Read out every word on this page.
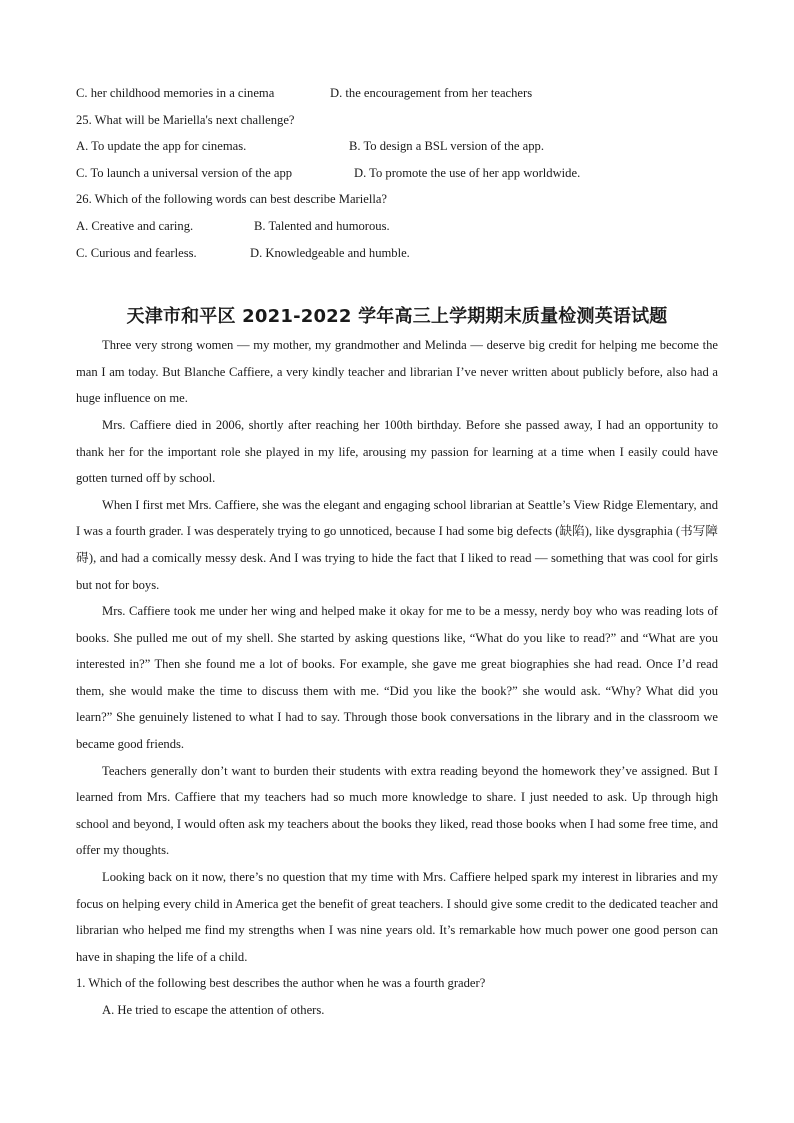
C. her childhood memories in a cinema	D. the encouragement from her teachers
25. What will be Mariella's next challenge?
A. To update the app for cinemas.	B. To design a BSL version of the app.
C. To launch a universal version of the app	D. To promote the use of her app worldwide.
26. Which of the following words can best describe Mariella?
A. Creative and caring.	B. Talented and humorous.
C. Curious and fearless.	D. Knowledgeable and humble.
天津市和平区 2021-2022 学年高三上学期期末质量检测英语试题

Three very strong women — my mother, my grandmother and Melinda — deserve big credit for helping me become the man I am today. But Blanche Caffiere, a very kindly teacher and librarian I’ve never written about publicly before, also had a huge influence on me.

Mrs. Caffiere died in 2006, shortly after reaching her 100th birthday. Before she passed away, I had an opportunity to thank her for the important role she played in my life, arousing my passion for learning at a time when I easily could have gotten turned off by school.

When I first met Mrs. Caffiere, she was the elegant and engaging school librarian at Seattle’s View Ridge Elementary, and I was a fourth grader. I was desperately trying to go unnoticed, because I had some big defects (缺陷), like dysgraphia (书写障碍), and had a comically messy desk. And I was trying to hide the fact that I liked to read — something that was cool for girls but not for boys.

Mrs. Caffiere took me under her wing and helped make it okay for me to be a messy, nerdy boy who was reading lots of books. She pulled me out of my shell. She started by asking questions like, “What do you like to read?” and “What are you interested in?” Then she found me a lot of books. For example, she gave me great biographies she had read. Once I’d read them, she would make the time to discuss them with me. “Did you like the book?” she would ask. “Why? What did you learn?” She genuinely listened to what I had to say. Through those book conversations in the library and in the classroom we became good friends.

Teachers generally don’t want to burden their students with extra reading beyond the homework they’ve assigned. But I learned from Mrs. Caffiere that my teachers had so much more knowledge to share. I just needed to ask. Up through high school and beyond, I would often ask my teachers about the books they liked, read those books when I had some free time, and offer my thoughts.

Looking back on it now, there’s no question that my time with Mrs. Caffiere helped spark my interest in libraries and my focus on helping every child in America get the benefit of great teachers. I should give some credit to the dedicated teacher and librarian who helped me find my strengths when I was nine years old. It’s remarkable how much power one good person can have in shaping the life of a child.

1. Which of the following best describes the author when he was a fourth grader?
A. He tried to escape the attention of others.
